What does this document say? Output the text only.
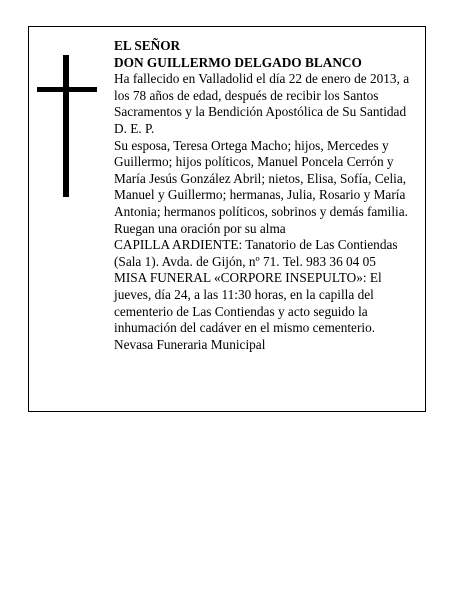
EL SEÑOR
DON GUILLERMO DELGADO BLANCO
Ha fallecido en Valladolid el día 22 de enero de 2013, a los 78 años de edad, después de recibir los Santos Sacramentos y la Bendición Apostólica de Su Santidad
D. E. P.
Su esposa, Teresa Ortega Macho; hijos, Mercedes y Guillermo; hijos políticos, Manuel Poncela Cerrón y María Jesús González Abril; nietos, Elisa, Sofía, Celia, Manuel y Guillermo; hermanas, Julia, Rosario y María Antonia; hermanos políticos, sobrinos y demás familia.
Ruegan una oración por su alma
CAPILLA ARDIENTE: Tanatorio de Las Contiendas (Sala 1). Avda. de Gijón, nº 71. Tel. 983 36 04 05
MISA FUNERAL «CORPORE INSEPULTO»: El
jueves, día 24, a las 11:30 horas, en la capilla del
cementerio de Las Contiendas y acto seguido la
inhumación del cadáver en el mismo cementerio.
Nevasa Funeraria Municipal
